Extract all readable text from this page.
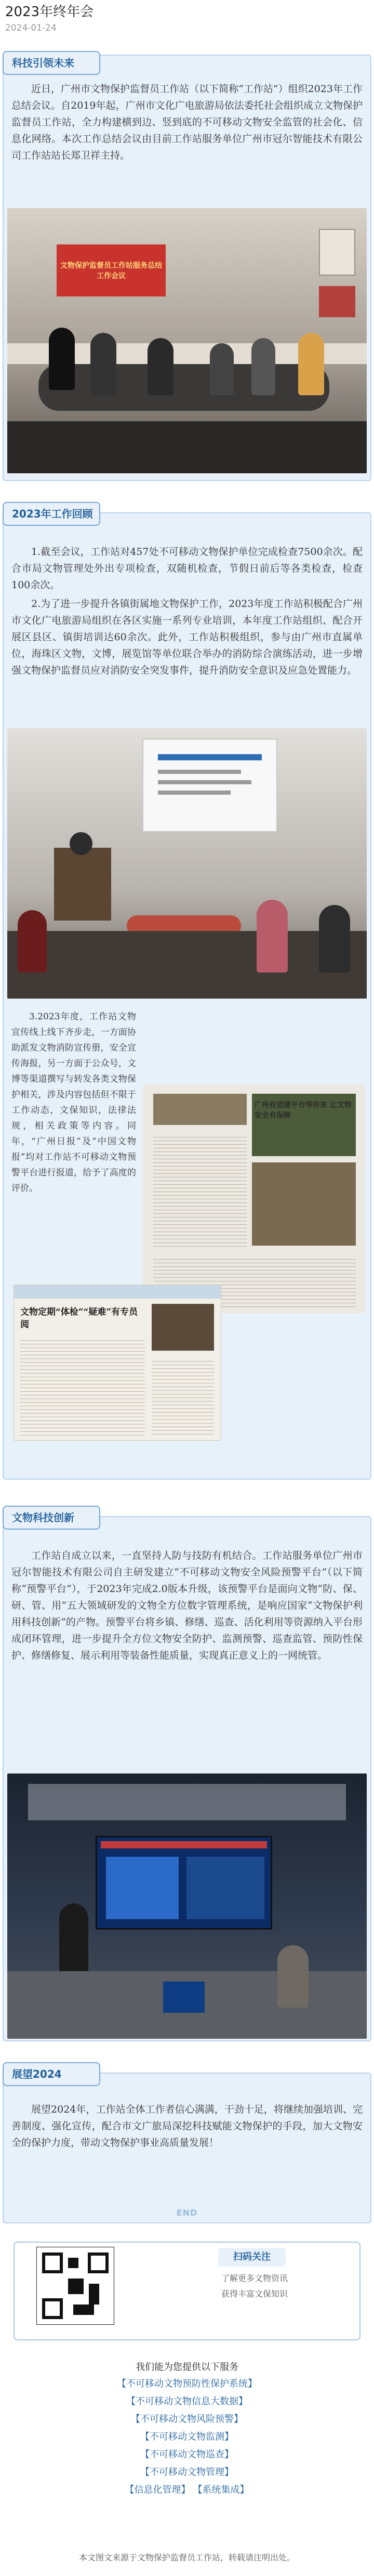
2023年终年会
2024-01-24
科技引领未来
近日，广州市文物保护监督员工作站（以下简称“工作站”）组织2023年工作总结会议。自2019年起，广州市文化广电旅游局依法委托社会组织成立文物保护监督员工作站，全力构建横到边、竖到底的不可移动文物安全监管的社会化、信息化网络。本次工作总结会议由目前工作站服务单位广州市冠尔智能技术有限公司工作站站长郑卫祥主持。
文物保护监督员工作站服务总结工作会议
2023年工作回顾
1.截至会议，工作站对457处不可移动文物保护单位完成检查7500余次。配合市局文物管理处外出专项检查，双随机检查，节假日前后等各类检查，检查100余次。
2.为了进一步提升各镇街属地文物保护工作，2023年度工作站积极配合广州市文化广电旅游局组织在各区实施一系列专业培训，本年度工作站组织、配合开展区县区、镇街培训达60余次。此外，工作站积极组织，参与由广州市直属单位，海珠区文物，文博，展览馆等单位联合举办的消防综合演练活动，进一步增强文物保护监督员应对消防安全突发事件，提升消防安全意识及应急处置能力。
3.2023年度，工作站文物宣传线上线下齐步走，一方面协助派发文物消防宣传册，安全宣传海报，另一方面于公众号，文博等渠道撰写与转发各类文物保护相关，涉及内容包括但不限于工作动态，文保知识，法律法规，相关政策等内容。同年，“广州日报”及“中国文物报”均对工作站不可移动文物预警平台进行报道，给予了高度的评价。
广州有望建平台等你来 让文物安全有保障
文物定期“体检”“疑难”有专员阅
文物科技创新
工作站自成立以来，一直坚持人防与技防有机结合。工作站服务单位广州市冠尔智能技术有限公司自主研发建立“不可移动文物安全风险预警平台”（以下简称“预警平台”），于2023年完成2.0版本升级，该预警平台是面向文物“防、保、研、管、用”五大领域研发的文物全方位数字管理系统，是响应国家“文物保护利用科技创新”的产物。预警平台将乡镇、修缮、巡查、活化利用等资源纳入平台形成闭环管理，进一步提升全方位文物安全防护、监测预警、巡查监管、预防性保护、修缮修复、展示利用等装备性能质量，实现真正意义上的一网统管。
展望2024
展望2024年，工作站全体工作者信心满满，干劲十足，将继续加强培训、完善制度、强化宣传，配合市文广旅局深挖科技赋能文物保护的手段，加大文物安全的保护力度，带动文物保护事业高质量发展！
END
扫码关注
了解更多文物资讯
获得丰富文保知识
我们能为您提供以下服务
【不可移动文物预防性保护系统】
【不可移动文物信息大数据】
【不可移动文物风险预警】
【不可移动文物监测】
【不可移动文物巡查】
【不可移动文物管理】
【信息化管理】 【系统集成】
本文图文来源于文物保护监督员工作站，转载请注明出处。
